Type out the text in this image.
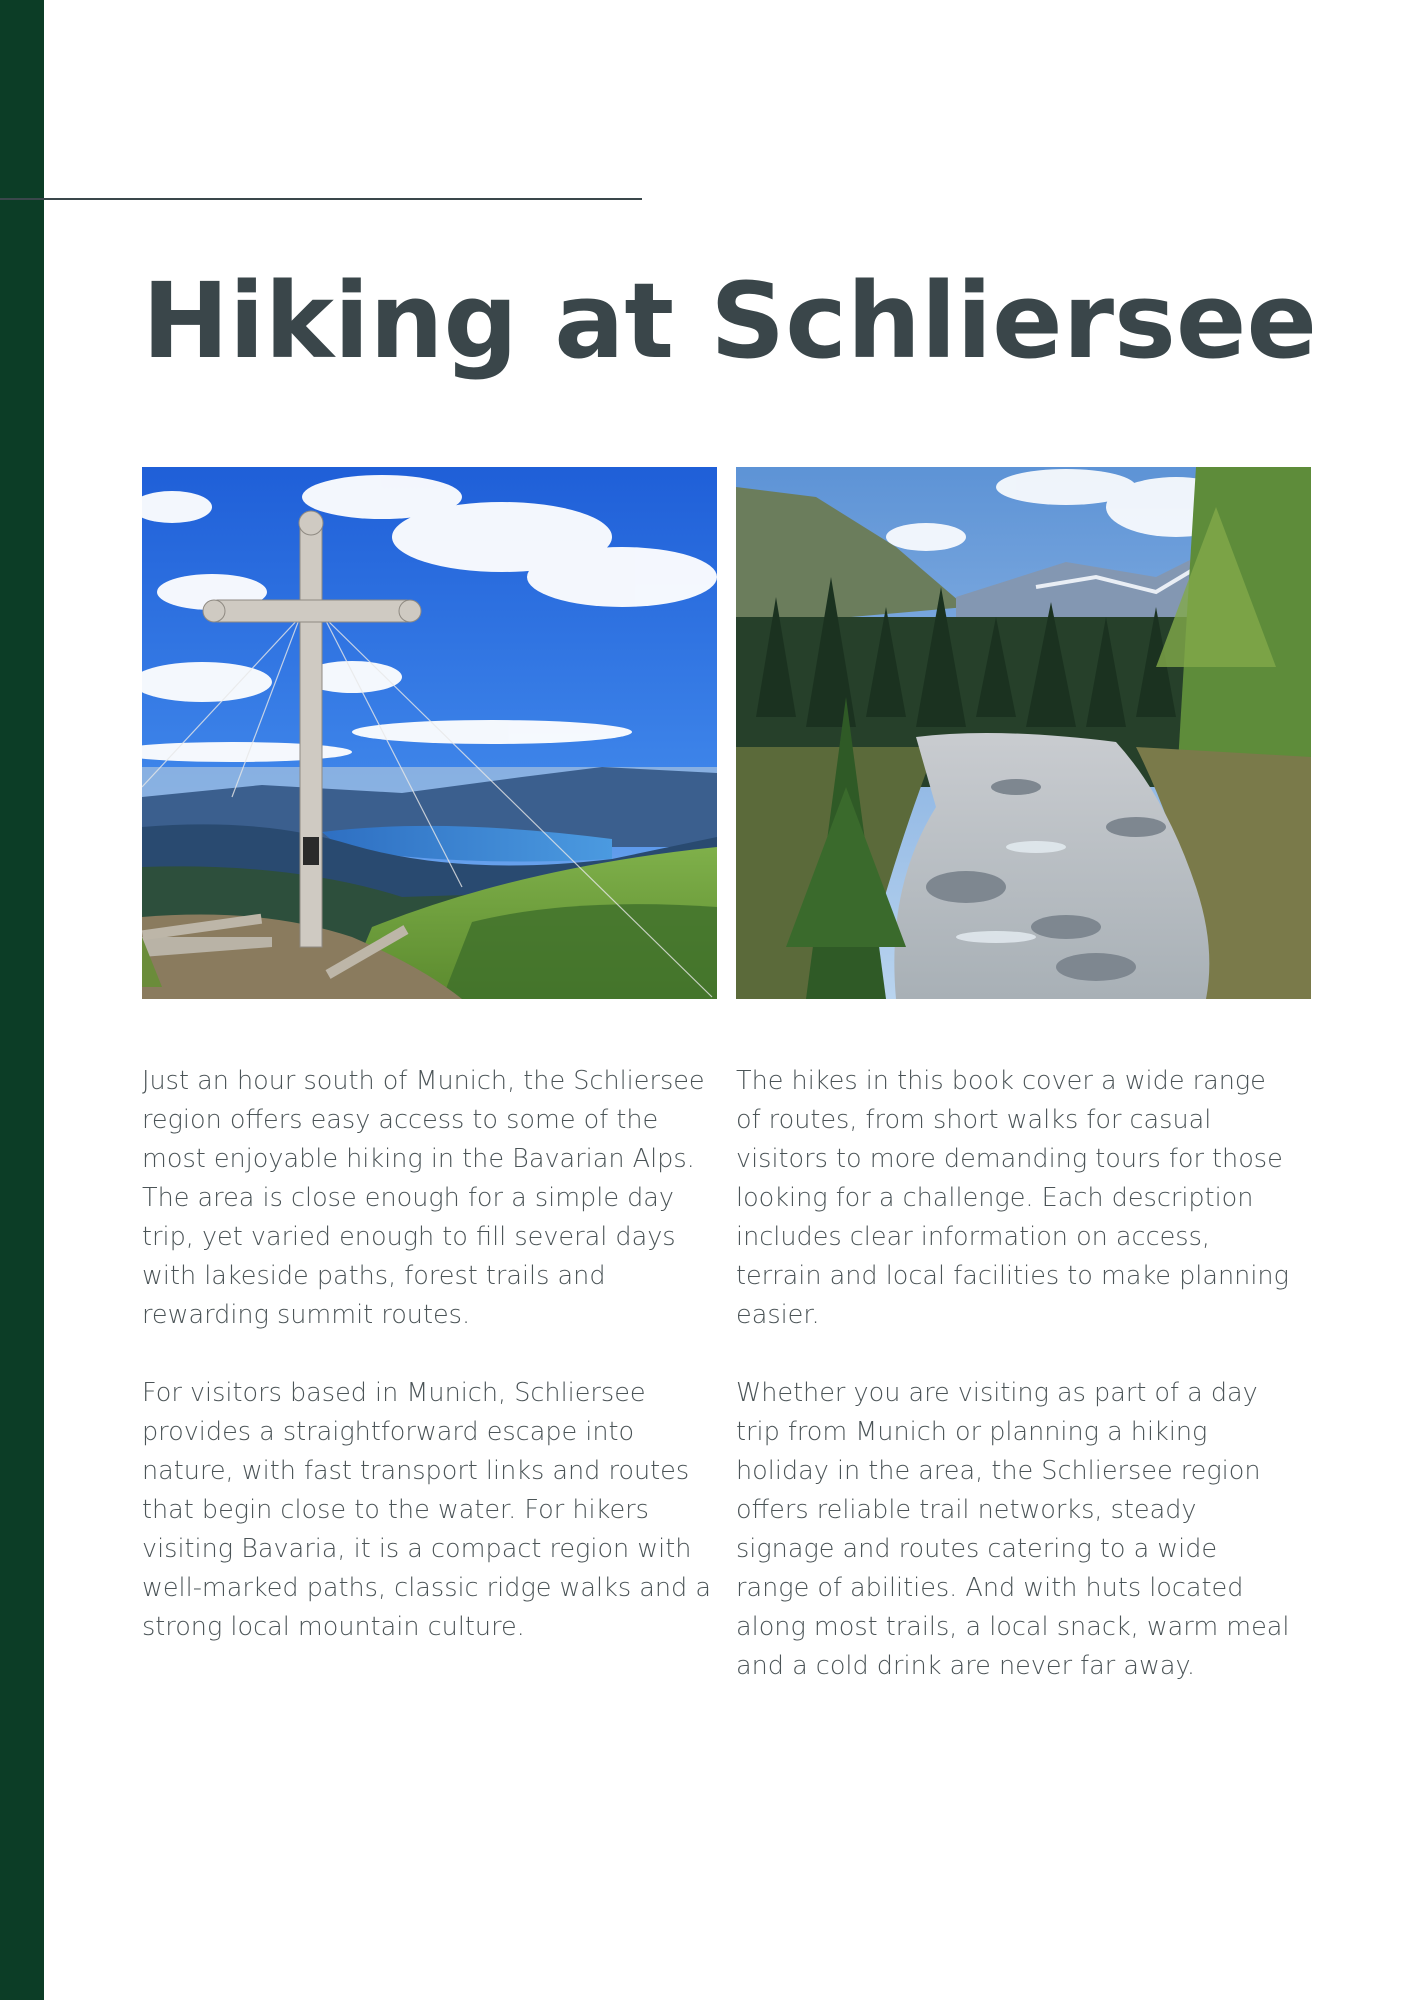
Hiking at Schliersee

Just an hour south of Munich, the Schliersee region offers easy access to some of the most enjoyable hiking in the Bavarian Alps. The area is close enough for a simple day trip, yet varied enough to fill several days with lakeside paths, forest trails and rewarding summit routes.

For visitors based in Munich, Schliersee provides a straightforward escape into nature, with fast transport links and routes that begin close to the water. For hikers visiting Bavaria, it is a compact region with well-marked paths, classic ridge walks and a strong local mountain culture.

The hikes in this book cover a wide range of routes, from short walks for casual visitors to more demanding tours for those looking for a challenge. Each description includes clear information on access, terrain and local facilities to make planning easier.

Whether you are visiting as part of a day trip from Munich or planning a hiking holiday in the area, the Schliersee region offers reliable trail networks, steady signage and routes catering to a wide range of abilities. And with huts located along most trails, a local snack, warm meal and a cold drink are never far away.
